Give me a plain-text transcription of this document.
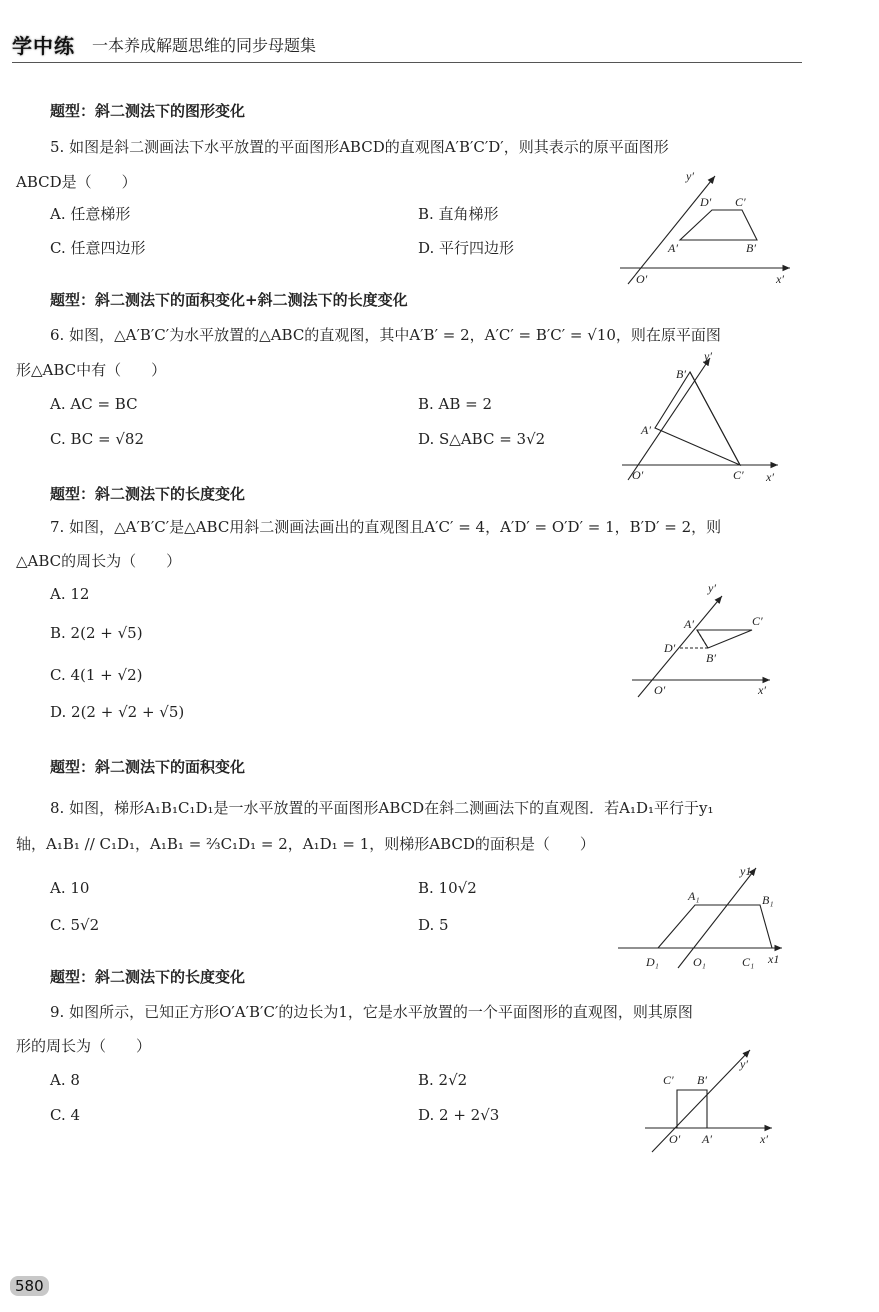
学中练 一本养成解题思维的同步母题集
题型：斜二测法下的图形变化
5. 如图是斜二测画法下水平放置的平面图形ABCD的直观图A′B′C′D′，则其表示的原平面图形
ABCD是（　　）
A. 任意梯形	B. 直角梯形
C. 任意四边形	D. 平行四边形
题型：斜二测法下的面积变化+斜二测法下的长度变化
6. 如图，△A′B′C′为水平放置的△ABC的直观图，其中A′B′ = 2，A′C′ = B′C′ = √10，则在原平面图
形△ABC中有（　　）
A. AC = BC	B. AB = 2
C. BC = √82	D. S△ABC = 3√2
题型：斜二测法下的长度变化
7. 如图，△A′B′C′是△ABC用斜二测画法画出的直观图且A′C′ = 4，A′D′ = O′D′ = 1，B′D′ = 2，则
△ABC的周长为（　　）
A. 12
B. 2(2 + √5)
C. 4(1 + √2)
D. 2(2 + √2 + √5)
题型：斜二测法下的面积变化
8. 如图，梯形A₁B₁C₁D₁是一水平放置的平面图形ABCD在斜二测画法下的直观图．若A₁D₁平行于y₁
轴，A₁B₁ // C₁D₁，A₁B₁ = ⅔C₁D₁ = 2，A₁D₁ = 1，则梯形ABCD的面积是（　　）
A. 10	B. 10√2
C. 5√2	D. 5
题型：斜二测法下的长度变化
9. 如图所示，已知正方形O′A′B′C′的边长为1，它是水平放置的一个平面图形的直观图，则其原图
形的周长为（　　）
A. 8	B. 2√2
C. 4	D. 2 + 2√3
y′
D′ C′
A′	B′
O′	x′
B′
y′
A′
O′	C′ x′
y′
A′	C′
D′
B′
O′	x′
y1
A₁	B₁
D₁	O₁	C₁ x1
y′
C′ B′
O′ A′	x′
580
